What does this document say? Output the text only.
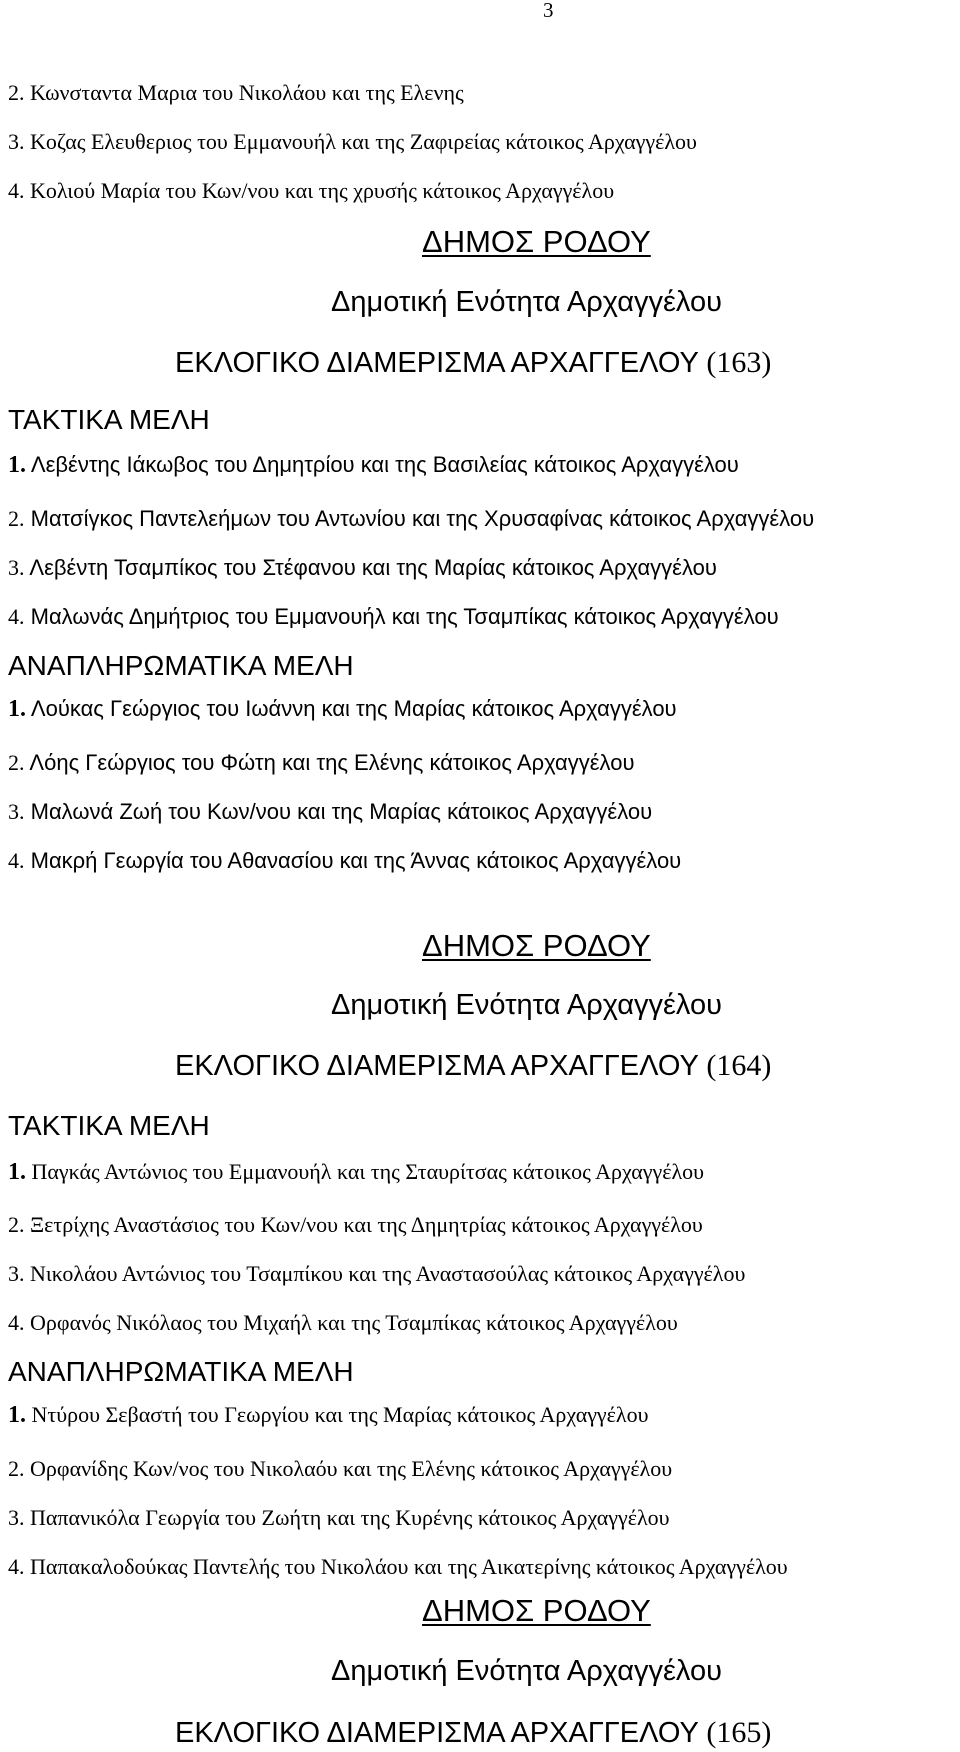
3
2. Κωνσταντα Μαρια του Νικολάου και της Ελενης
3. Κοζας Ελευθεριος του Εμμανουήλ και της Ζαφιρείας κάτοικος Αρχαγγέλου
4. Κολιού Μαρία του Κων/νου και της χρυσής κάτοικος Αρχαγγέλου
ΔΗΜΟΣ ΡΟΔΟΥ
Δημοτική Ενότητα Αρχαγγέλου
ΕΚΛΟΓΙΚΟ ΔΙΑΜΕΡΙΣΜΑ ΑΡΧΑΓΓΕΛΟΥ (163)
ΤΑΚΤΙΚΑ ΜΕΛΗ
1. Λεβέντης Ιάκωβος του Δημητρίου και της Βασιλείας κάτοικος Αρχαγγέλου
2. Ματσίγκος Παντελεήμων του Αντωνίου και της Χρυσαφίνας κάτοικος Αρχαγγέλου
3. Λεβέντη Τσαμπίκος του Στέφανου και της Μαρίας κάτοικος Αρχαγγέλου
4. Μαλωνάς Δημήτριος του Εμμανουήλ και της Τσαμπίκας κάτοικος Αρχαγγέλου
ΑΝΑΠΛΗΡΩΜΑΤΙΚΑ ΜΕΛΗ
1. Λούκας Γεώργιος του Ιωάννη και της Μαρίας κάτοικος Αρχαγγέλου
2. Λόης Γεώργιος του Φώτη και της Ελένης κάτοικος Αρχαγγέλου
3. Μαλωνά Ζωή του Κων/νου και της Μαρίας κάτοικος Αρχαγγέλου
4. Μακρή Γεωργία του Αθανασίου και της Άννας κάτοικος Αρχαγγέλου
ΔΗΜΟΣ ΡΟΔΟΥ
Δημοτική Ενότητα Αρχαγγέλου
ΕΚΛΟΓΙΚΟ ΔΙΑΜΕΡΙΣΜΑ ΑΡΧΑΓΓΕΛΟΥ (164)
ΤΑΚΤΙΚΑ ΜΕΛΗ
1. Παγκάς Αντώνιος του Εμμανουήλ και της Σταυρίτσας κάτοικος Αρχαγγέλου
2. Ξετρίχης Αναστάσιος του Κων/νου και της Δημητρίας κάτοικος Αρχαγγέλου
3. Νικολάου Αντώνιος του Τσαμπίκου και της Αναστασούλας κάτοικος Αρχαγγέλου
4. Ορφανός Νικόλαος του Μιχαήλ και της Τσαμπίκας κάτοικος Αρχαγγέλου
ΑΝΑΠΛΗΡΩΜΑΤΙΚΑ ΜΕΛΗ
1. Ντύρου Σεβαστή του Γεωργίου και της Μαρίας κάτοικος Αρχαγγέλου
2. Ορφανίδης Κων/νος του Νικολαόυ και της Ελένης κάτοικος Αρχαγγέλου
3. Παπανικόλα Γεωργία του Ζωήτη και της Κυρένης κάτοικος Αρχαγγέλου
4. Παπακαλοδούκας Παντελής του Νικολάου και της Αικατερίνης κάτοικος Αρχαγγέλου
ΔΗΜΟΣ ΡΟΔΟΥ
Δημοτική Ενότητα Αρχαγγέλου
ΕΚΛΟΓΙΚΟ ΔΙΑΜΕΡΙΣΜΑ ΑΡΧΑΓΓΕΛΟΥ (165)
